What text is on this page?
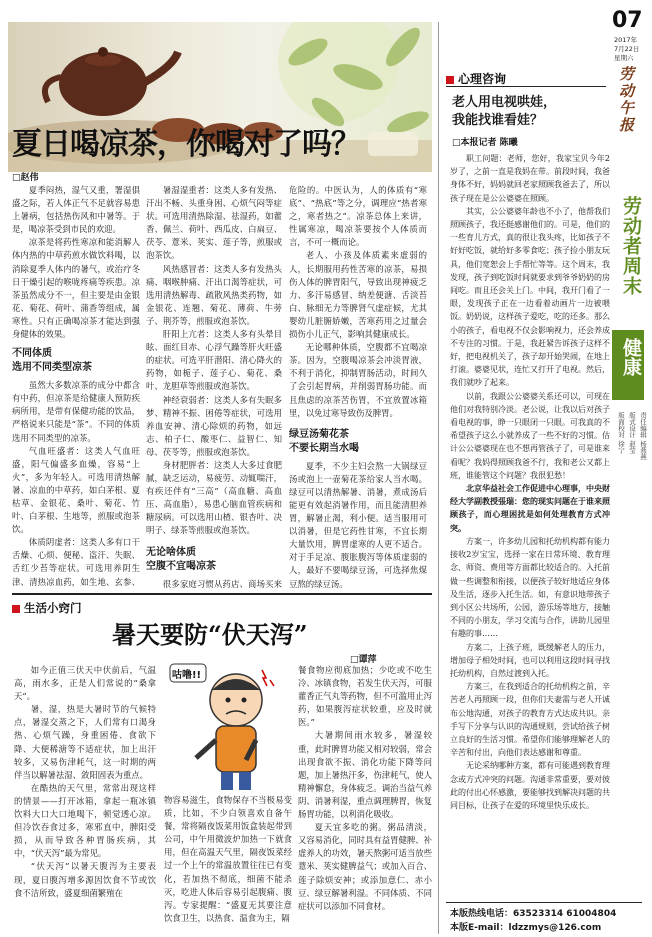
夏日喝凉茶，你喝对了吗？
□赵伟

夏季闷热，湿气又重，署湿俱盛之际，若人体正气不足就容易患上暑病，包括热伤风和中暑等。于是，喝凉茶受到市民的欢迎。

凉茶是将药性寒凉和能消解人体内热的中草药煎水做饮料喝，以消除夏季人体内的暑气，或治疗冬日干燥引起的喉咙疼痛等疾患。凉茶虽然成分不一，但主要是由金银花、菊花、荷叶、蒲香等组成，属寒性。只有正确喝凉茶才能达到强身健体的效果。

不同体质
选用不同类型凉茶

虽然大多数凉茶的成分中都含有中药，但凉茶是给健康人预防疾病所用，是带有保健功能的饮品，严格说来只能是“茶”。不同的体质选用不同类型的凉茶。

气血旺盛者：这类人气血旺盛，阳气偏盛多血燥，容易“上火”，多为年轻人。可选用清热解暑、凉血的中草药，如白茅根、夏枯草、金银花、桑叶、菊花、竹叶、白茅根、生地等，煎服或泡茶饮。

体质阴虚者：这类人多有口干舌燥、心烦、便秘、盗汗、失眠、舌红少苔等症状。可选用养阴生津、清热凉血药，如生地、玄参、

暑湿湿重者：这类人多有发热、汗出不畅、头重身困、心烦气闷等症状。可选用清热除湿、祛湿药，如藿香、佩兰、荷叶、西瓜皮、白扁豆、茯苓、薏米、荚实、莲子等，煎服或泡茶饮。

风热感冒者：这类人多有发热头痛、咽喉肿痛、汗出口渴等症状，可选用清热解毒、疏散风热类药物，如金银花、连翘、菊花、薄荷、牛蒡子、荆芥等，煎服或泡茶饮。

肝阳上亢者：这类人多有头晕目眩、面红目赤、心浮气躁等肝火旺盛的症状。可选平肝潜阳、清心降火的药物，如栀子、莲子心、菊花、桑叶、龙胆草等煎服或泡茶饮。

神经衰弱者：这类人多有失眠多梦、精神不振、困倦等症状，可选用养血安神、清心除烦的药物，如远志、柏子仁、酸枣仁、益智仁、知母、茯苓等，煎服或泡茶饮。

身材肥胖者：这类人大多过食肥腻，缺乏运动，易疲劳、动辄喘汗，有疾还伴有“三高”（高血糖、高血压、高血脂），易患心脑血管疾病和糖尿病。可以选用山楂、银杏叶、决明子、绿茶等煎服或泡茶饮。

无论啥体质
空腹不宜喝凉茶

很多家庭习惯从药店、商场买来

危险的。中医认为，人的体质有“寒底”、“热底”等之分，调理应“热者寒之，寒者热之”。凉茶总体上来讲，性属寒凉，喝凉茶要按个人体质而言，不可一概而论。

老人、小孩及体质素来虚弱的人，长期服用药性苦寒的凉茶，易损伤人体的脾胃阳气，导致出现神疲乏力、多汗易感冒、纳差便溏、舌淡苔白、脉细无力等脾肾气虚症候，尤其婴幼儿脏腑娇嫩，苦寒药用之过量会损伤小儿正气，影响其健康成长。

无论哪种体质，空腹都不宜喝凉茶。因为，空腹喝凉茶会冲淡胃液，不利于消化，抑制胃肠活动，时间久了会引起胃病，并削弱胃肠功能。而且焦虑的凉茶苦伤胃，不宜放置冰箱里，以免过寒导致伤及脾胃。

绿豆汤菊花茶
不要长期当水喝

夏季，不少主妇会熬一大锅绿豆汤或泡上一壶菊花茶给家人当水喝。绿豆可以清热解暑、消暑，煮成汤后能更有效起消暑作用，而且能清胆养胃，解暑止渴，利小便。适当服用可以消暑，但是它药性甘寒，不宜长期大量饮用，脾胃虚寒的人更不适合。对于手足凉、腹胀腹泻等体质虚弱的人，最好不要喝绿豆汤，可选择焦煤豆熬的绿豆汤。

生活小窍门
暑天要防“伏天泻”
□谭萍

如今正值三伏天中伏前后，气温高，雨水多，正是人们常说的“桑拿天”。

暑，湿，热是大暑时节的气候特点，暑湿交蒸之下，人们常有口渴身热、心烦气躁，身重困倦、食欲下降、大便稀溏等不适症状，加上出汗较多，又易伤津耗气，这一时期的两伴当以解暑祛湿、敛阳固表为重点。

在酷热的天气里，常常出现这样的情景——打开冰箱，拿起一瓶冰镇饮料大口大口地喝下，顿觉透心凉。但冷饮吞食过多，寒邪直中，脾阳受损，从而导致各种胃肠疾病，其中，“伏天泻”最为常见。

“伏天泻”以暑天腹泻为主要表现，夏日腹泻增多源因饮食不节或饮食不洁所致，盛夏细菌繁殖在

咕噜!!

物容易滋生，食物保存不当极易变质，比如，不少白领喜欢自备午餐，常将隔夜饭菜用饭盒装起带到公司，中午用微波炉加热一下就食用，但在高温天气里，隔夜饭菜经过一个上午的常温放置往往已有变化，若加热不彻底，细菌不能杀灭，吃进人体后容易引起腹痛、腹泻。专家提醒：“盛夏无其要注意饮食卫生，以热食、温食为主，隔

餐食物应彻底加热；少吃或不吃生冷、冰镇食物，若发生伏天泻，可服藿香正气丸等药物，但不可滥用止泻药，如果腹泻症状较重，应及时就医。”

大暑期间雨水较多，暑湿较重，此时脾胃功能又相对较弱，常会出现食欲不振、消化功能下降等问题，加上暑热汗多，伤津耗气，使人精神懈怠，身体疲乏。调治当益气养阴、消暑利湿，重点调理脾胃，恢复肠胃功能，以利消化吸收。

夏天宜多吃的粥。粥品清淡，又容易消化，同时具有益胃健脾、补虚养人的功效，暑天熬粥可适当放些薏米、荚实健脾益气；或加入百合、莲子除烦安神；或添加意仁、赤小豆、绿豆解暑利湿。不同体质、不同症状可以添加不同食材。

心理咨询
老人用电视哄娃，
我能找谁看娃？
□本报记者 陈曦

职工问题：老师，您好，我家宝贝今年2岁了，之前一直是我妈在带。前段时间，我爸身体不好，妈妈就回老家照顾我爸去了，所以孩子现在是公公婆婆在照顾。

其实，公公婆婆年龄也不小了，他帮我们照顾孩子，我还挺感谢他们的。可是，他们的一些育儿方式，真的很让我头疼，比如孩子不好好吃饭，就给好多零食吃；孩子捡小朋友玩具，他们宽恕会上手帮忙等等。这个周末，我发现，孩子到吃饭时间就要求到爷爷奶奶的房间吃。而且还会关上门。中间，我开门看了一眼，发现孩子正在一边看着动画片一边被喂饭。奶奶说，这样孩子爱吃，吃的还多。那么小的孩子，看电视不仅会影响视力，还会养成不专注的习惯。于是，我赶紧告诉孩子这样不好，把电视机关了，孩子却开始哭闹，在地上打滚。婆婆见状，连忙又打开了电视。然后，我们就吵了起来。

以前，我跟公公婆婆关系还可以，可现在他们对我特别冷淡。老公说，让我以后对孩子看电视的事，睁一只眼闭一只眼。可我真的不希望孩子这么小就养成了一些不好的习惯。估计公公婆婆现在也不想再管孩子了，可是谁来看呢？我妈得照顾我爸不行，我和老公又都上班，谁能管这个问题？我很犯愁！

北京华益社会工作促进中心理事，中央财经大学副教授張瑞：您的现实问题在于谁来照顾孩子，而心理困扰是如何处理教育方式冲突。

方案一，许多幼儿园和托幼机构都有能力接收2岁宝宝，选择一家在日常环境、教育理念、师资、费用等方面都比较适合的。入托前做一些调整和衔接，以便孩子较好地适应身体及生活，逐步入托生活。如，有意识地带孩子到小区公共场所，公园，游乐场等地方，接触不同的小朋友，学习交流与合作，讲助儿园里有趣的事……

方案二，上孩子班，既缓解老人的压力，增加母子相处时间，也可以利用这段时间寻找托幼机构，自然过渡到入托。

方案三，在我到适合的托幼机构之前，辛苦老人再照顾一段，但你们夫妻需与老人开诚布公地沟通，对孩子的教育方式达成共识。亲手写下分享与认识的沟通规则，尝试给孩子树立良好的生活习惯。希望你们能够理解老人的辛苦和付出，向他们表达感谢和尊重。

无论采纳哪种方案，都有可能遇到教育理念或方式冲突的问题。沟通非常重要，要对彼此的付出心怀感激，要能够找到解决问题的共同目标，让孩子在爱的环境里快乐成长。

本版热线电话：63523314 61004804
本版E-mail：ldzzmys@126.com
07
2017年
7月22日
星期六
劳动午报
劳动者周末
健康
责任编辑 杨燕燕
版式设计 赵莹
版面校对 徐宁
